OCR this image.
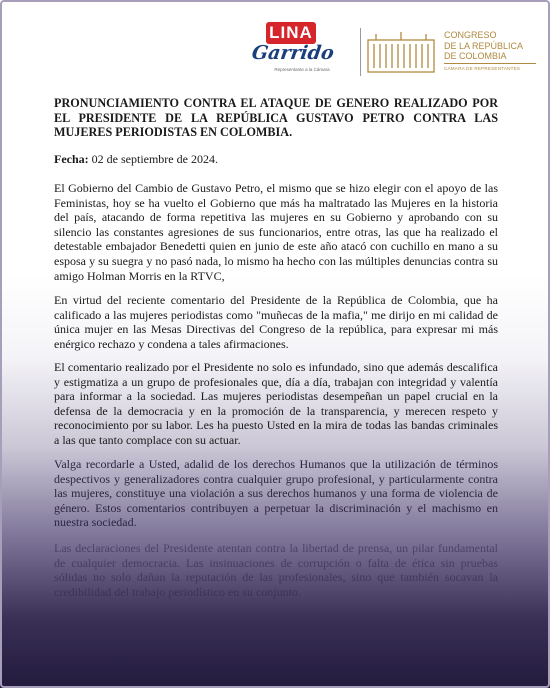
LINA
Garrido
Representante a la Cámara
CONGRESO
DE LA REPÚBLICA
DE COLOMBIA
CÁMARA DE REPRESENTANTES

PRONUNCIAMIENTO CONTRA EL ATAQUE DE GENERO REALIZADO POR EL PRESIDENTE DE LA REPÚBLICA GUSTAVO PETRO CONTRA LAS MUJERES PERIODISTAS EN COLOMBIA.

Fecha: 02 de septiembre de 2024.

El Gobierno del Cambio de Gustavo Petro, el mismo que se hizo elegir con el apoyo de las Feministas, hoy se ha vuelto el Gobierno que más ha maltratado las Mujeres en la historia del país, atacando de forma repetitiva las mujeres en su Gobierno y aprobando con su silencio las constantes agresiones de sus funcionarios, entre otras, las que ha realizado el detestable embajador Benedetti quien en junio de este año atacó con cuchillo en mano a su esposa y su suegra y no pasó nada, lo mismo ha hecho con las múltiples denuncias contra su amigo Holman Morris en la RTVC,

En virtud del reciente comentario del Presidente de la República de Colombia, que ha calificado a las mujeres periodistas como "muñecas de la mafia," me dirijo en mi calidad de única mujer en las Mesas Directivas del Congreso de la república, para expresar mi más enérgico rechazo y condena a tales afirmaciones.

El comentario realizado por el Presidente no solo es infundado, sino que además descalifica y estigmatiza a un grupo de profesionales que, día a día, trabajan con integridad y valentía para informar a la sociedad. Las mujeres periodistas desempeñan un papel crucial en la defensa de la democracia y en la promoción de la transparencia, y merecen respeto y reconocimiento por su labor. Les ha puesto Usted en la mira de todas las bandas criminales a las que tanto complace con su actuar.

Valga recordarle a Usted, adalid de los derechos Humanos que la utilización de términos despectivos y generalizadores contra cualquier grupo profesional, y particularmente contra las mujeres, constituye una violación a sus derechos humanos y una forma de violencia de género. Estos comentarios contribuyen a perpetuar la discriminación y el machismo en nuestra sociedad.

Las declaraciones del Presidente atentan contra la libertad de prensa, un pilar fundamental de cualquier democracia. Las insinuaciones de corrupción o falta de ética sin pruebas sólidas no solo dañan la reputación de las profesionales, sino que también socavan la credibilidad del trabajo periodístico en su conjunto.
